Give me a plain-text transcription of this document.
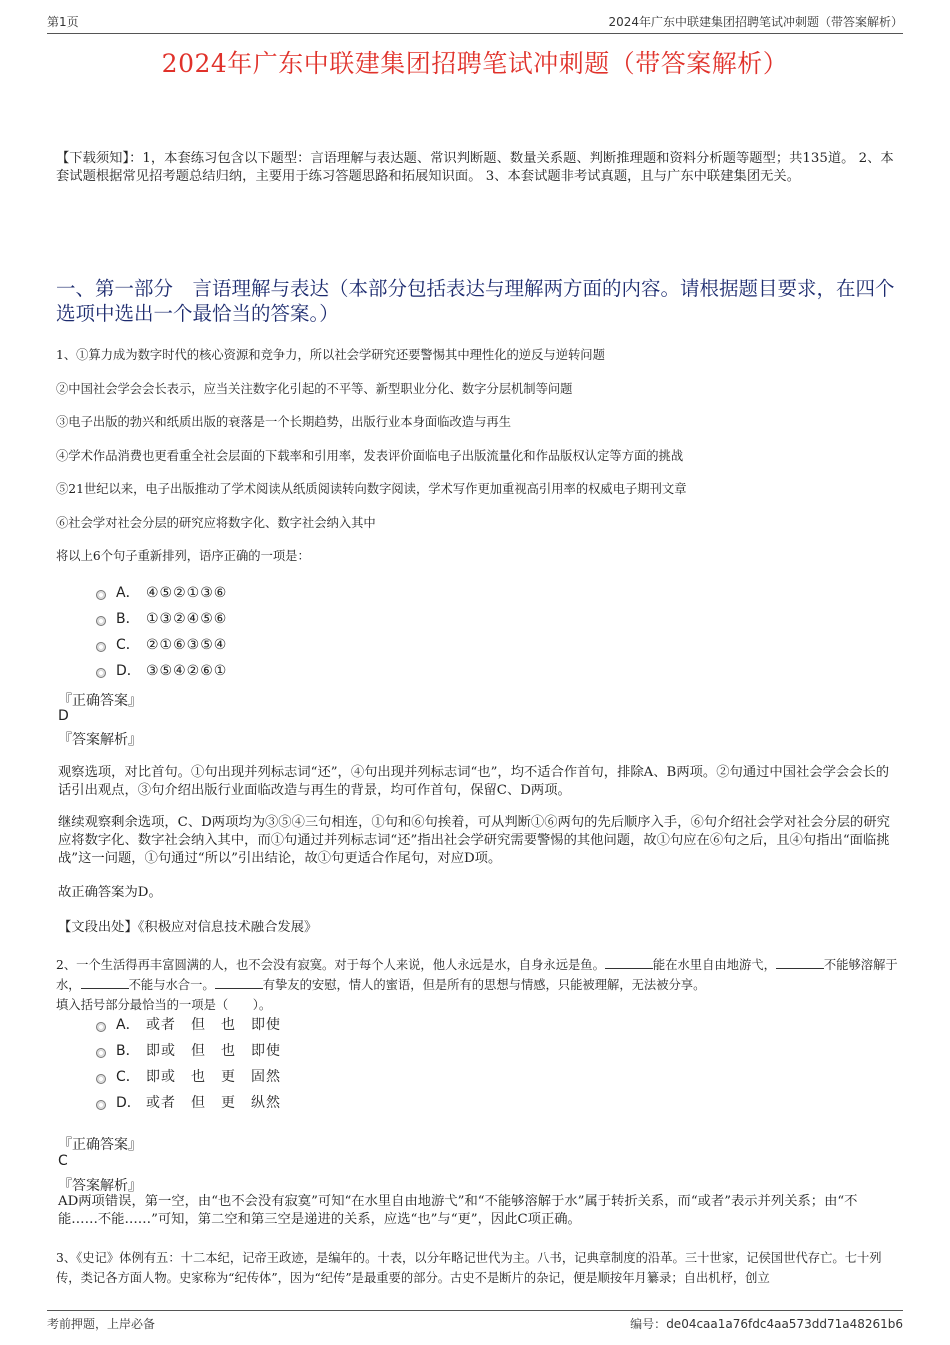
第1页	2024年广东中联建集团招聘笔试冲刺题（带答案解析）
2024年广东中联建集团招聘笔试冲刺题（带答案解析）
【下载须知】：1，本套练习包含以下题型：言语理解与表达题、常识判断题、数量关系题、判断推理题和资料分析题等题型；共135道。 2、本套试题根据常见招考题总结归纳，主要用于练习答题思路和拓展知识面。 3、本套试题非考试真题，且与广东中联建集团无关。
一、第一部分　言语理解与表达（本部分包括表达与理解两方面的内容。请根据题目要求，在四个选项中选出一个最恰当的答案。）

1、①算力成为数字时代的核心资源和竞争力，所以社会学研究还要警惕其中理性化的逆反与逆转问题

②中国社会学会会长表示，应当关注数字化引起的不平等、新型职业分化、数字分层机制等问题

③电子出版的勃兴和纸质出版的衰落是一个长期趋势，出版行业本身面临改造与再生

④学术作品消费也更看重全社会层面的下载率和引用率，发表评价面临电子出版流量化和作品版权认定等方面的挑战

⑤21世纪以来，电子出版推动了学术阅读从纸质阅读转向数字阅读，学术写作更加重视高引用率的权威电子期刊文章

⑥社会学对社会分层的研究应将数字化、数字社会纳入其中

将以上6个句子重新排列，语序正确的一项是：

A． ④⑤②①③⑥
B． ①③②④⑤⑥
C． ②①⑥③⑤④
D． ③⑤④②⑥①
『正确答案』
D
『答案解析』
观察选项，对比首句。①句出现并列标志词“还”，④句出现并列标志词“也”，均不适合作首句，排除A、B两项。②句通过中国社会学会会长的话引出观点，③句介绍出版行业面临改造与再生的背景，均可作首句，保留C、D两项。
继续观察剩余选项，C、D两项均为③⑤④三句相连，①句和⑥句挨着，可从判断①⑥两句的先后顺序入手，⑥句介绍社会学对社会分层的研究应将数字化、数字社会纳入其中，而①句通过并列标志词“还”指出社会学研究需要警惕的其他问题，故①句应在⑥句之后，且④句指出“面临挑战”这一问题，①句通过“所以”引出结论，故①句更适合作尾句，对应D项。
故正确答案为D。
【文段出处】《积极应对信息技术融合发展》
2、一个生活得再丰富圆满的人，也不会没有寂寞。对于每个人来说，他人永远是水，自身永远是鱼。	能在水里自由地游弋，	不能够溶解于水，	不能与水合一。	有挚友的安慰，情人的蜜语，但是所有的思想与情感，只能被理解，无法被分享。
填入括号部分最恰当的一项是（　　）。
A． 或者　但　也　即使
B． 即或　但　也　即使
C． 即或　也　更　固然
D． 或者　但　更　纵然
『正确答案』
C
『答案解析』
AD两项错误，第一空，由“也不会没有寂寞”可知“在水里自由地游弋”和“不能够溶解于水”属于转折关系，而“或者”表示并列关系；由“不能……不能……”可知，第二空和第三空是递进的关系，应选“也”与“更”，因此C项正确。
3、《史记》体例有五：十二本纪，记帝王政迹，是编年的。十表，以分年略记世代为主。八书，记典章制度的沿革。三十世家，记侯国世代存亡。七十列传，类记各方面人物。史家称为“纪传体”，因为“纪传”是最重要的部分。古史不是断片的杂记，便是顺按年月纂录；自出机杼，创立
考前押题，上岸必备	编号：de04caa1a76fdc4aa573dd71a48261b6
